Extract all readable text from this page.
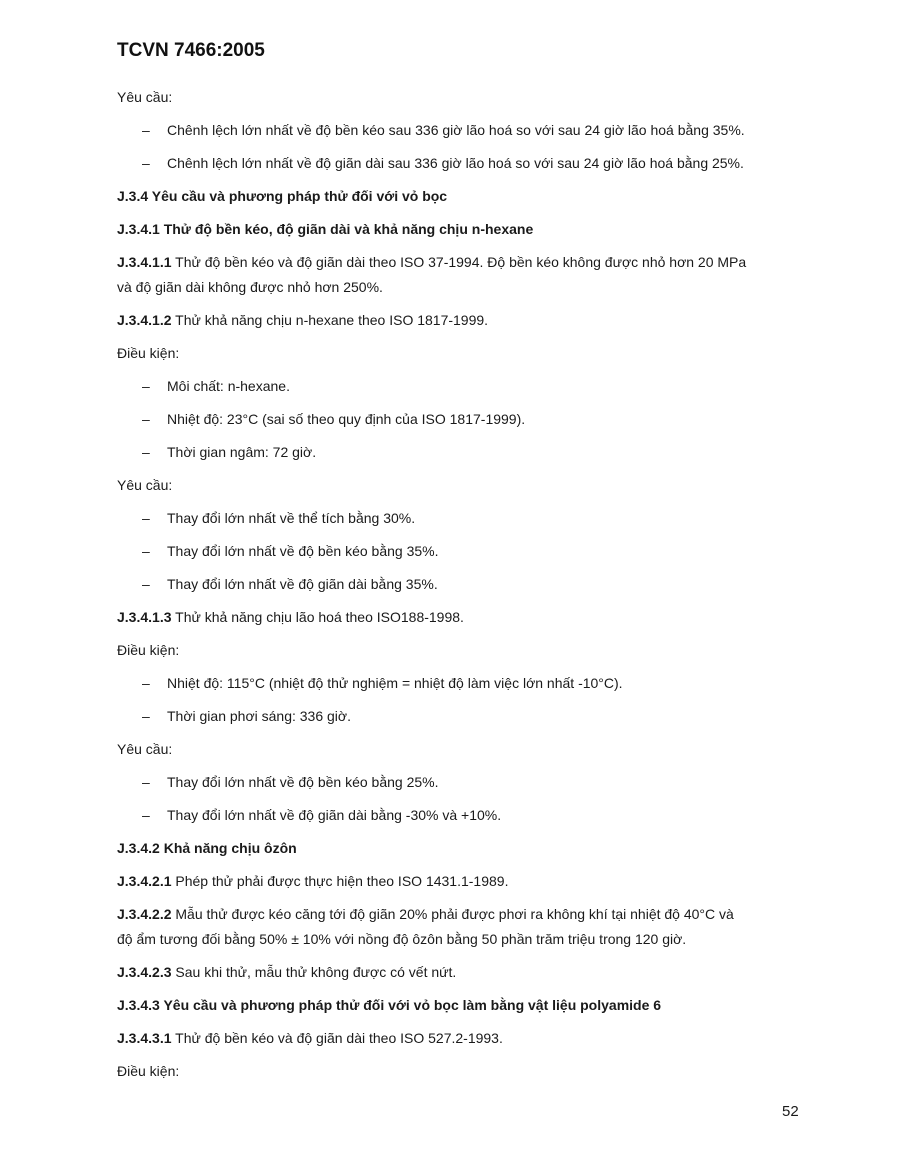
TCVN 7466:2005
Yêu cầu:
– Chênh lệch lớn nhất về độ bền kéo sau 336 giờ lão hoá so với sau 24 giờ lão hoá bằng 35%.
– Chênh lệch lớn nhất về độ giãn dài sau 336 giờ lão hoá so với sau 24 giờ lão hoá bằng 25%.
J.3.4 Yêu cầu và phương pháp thử đối với vỏ bọc
J.3.4.1 Thử độ bền kéo, độ giãn dài và khả năng chịu n-hexane
J.3.4.1.1 Thử độ bền kéo và độ giãn dài theo ISO 37-1994. Độ bền kéo không được nhỏ hơn 20 MPa
và độ giãn dài không được nhỏ hơn 250%.
J.3.4.1.2 Thử khả năng chịu n-hexane theo ISO 1817-1999.
Điều kiện:
– Môi chất: n-hexane.
– Nhiệt độ: 23°C (sai số theo quy định của ISO 1817-1999).
– Thời gian ngâm: 72 giờ.
Yêu cầu:
– Thay đổi lớn nhất về thể tích bằng 30%.
– Thay đổi lớn nhất về độ bền kéo bằng 35%.
– Thay đổi lớn nhất về độ giãn dài bằng 35%.
J.3.4.1.3 Thử khả năng chịu lão hoá theo ISO188-1998.
Điều kiện:
– Nhiệt độ: 115°C (nhiệt độ thử nghiệm = nhiệt độ làm việc lớn nhất -10°C).
– Thời gian phơi sáng: 336 giờ.
Yêu cầu:
– Thay đổi lớn nhất về độ bền kéo bằng 25%.
– Thay đổi lớn nhất về độ giãn dài bằng -30% và +10%.
J.3.4.2 Khả năng chịu ôzôn
J.3.4.2.1 Phép thử phải được thực hiện theo ISO 1431.1-1989.
J.3.4.2.2 Mẫu thử được kéo căng tới độ giãn 20% phải được phơi ra không khí tại nhiệt độ 40°C và
độ ẩm tương đối bằng 50% ± 10% với nồng độ ôzôn bằng 50 phần trăm triệu trong 120 giờ.
J.3.4.2.3 Sau khi thử, mẫu thử không được có vết nứt.
J.3.4.3 Yêu cầu và phương pháp thử đối với vỏ bọc làm bằng vật liệu polyamide 6
J.3.4.3.1 Thử độ bền kéo và độ giãn dài theo ISO 527.2-1993.
Điều kiện:
52
